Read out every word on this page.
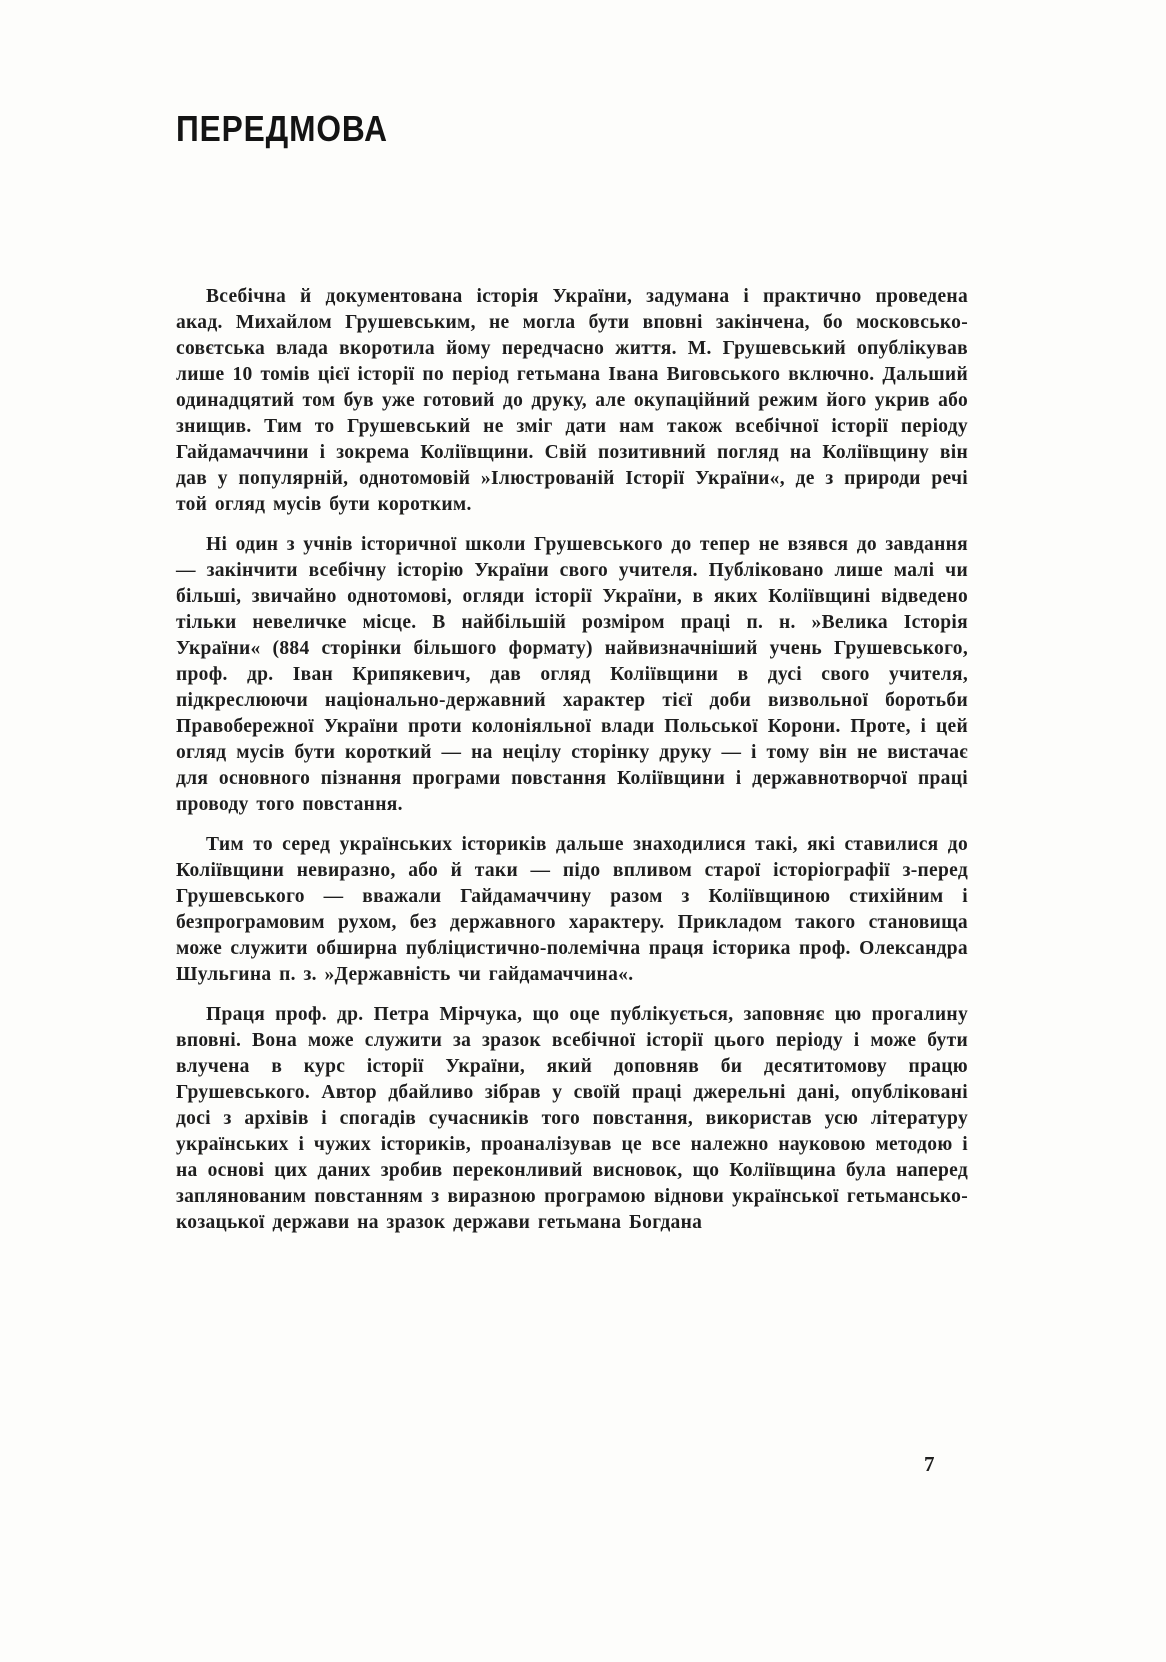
ПЕРЕДМОВА

Всебічна й документована історія України, задумана і практично проведена акад. Михайлом Грушевським, не могла бути вповні закінчена, бо московсько-совєтська влада вкоротила йому передчасно життя. М. Грушевський опублікував лише 10 томів цієї історії по період гетьмана Івана Виговського включно. Дальший одинадцятий том був уже готовий до друку, але окупаційний режим його укрив або знищив. Тим то Грушевський не зміг дати нам також всебічної історії періоду Гайдамаччини і зокрема Коліївщини. Свій позитивний погляд на Коліївщину він дав у популярній, однотомовій »Ілюстрованій Історії України«, де з природи речі той огляд мусів бути коротким.

Ні один з учнів історичної школи Грушевського до тепер не взявся до завдання — закінчити всебічну історію України свого учителя. Публіковано лише малі чи більші, звичайно однотомові, огляди історії України, в яких Коліївщині відведено тільки невеличке місце. В найбільшій розміром праці п. н. »Велика Історія України« (884 сторінки більшого формату) найвизначніший учень Грушевського, проф. др. Іван Крипякевич, дав огляд Коліївщини в дусі свого учителя, підкреслюючи національно-державний характер тієї доби визвольної боротьби Правобережної України проти колоніяльної влади Польської Корони. Проте, і цей огляд мусів бути короткий — на нецілу сторінку друку — і тому він не вистачає для основного пізнання програми повстання Коліївщини і державнотворчої праці проводу того повстання.

Тим то серед українських істориків дальше знаходилися такі, які ставилися до Коліївщини невиразно, або й таки — підо впливом старої історіографії з-перед Грушевського — вважали Гайдамаччину разом з Коліївщиною стихійним і безпрограмовим рухом, без державного характеру. Прикладом такого становища може служити обширна публіцистично-полемічна праця історика проф. Олександра Шульгина п. з. »Державність чи гайдамаччина«.

Праця проф. др. Петра Мірчука, що оце публікується, заповняє цю прогалину вповні. Вона може служити за зразок всебічної історії цього періоду і може бути влучена в курс історії України, який доповняв би десятитомову працю Грушевського. Автор дбайливо зібрав у своїй праці джерельні дані, опубліковані досі з архівів і спогадів сучасників того повстання, використав усю літературу українських і чужих істориків, проаналізував це все належно науковою методою і на основі цих даних зробив переконливий висновок, що Коліївщина була наперед заплянованим повстанням з виразною програмою віднови української гетьмансько-козацької держави на зразок держави гетьмана Богдана

7
